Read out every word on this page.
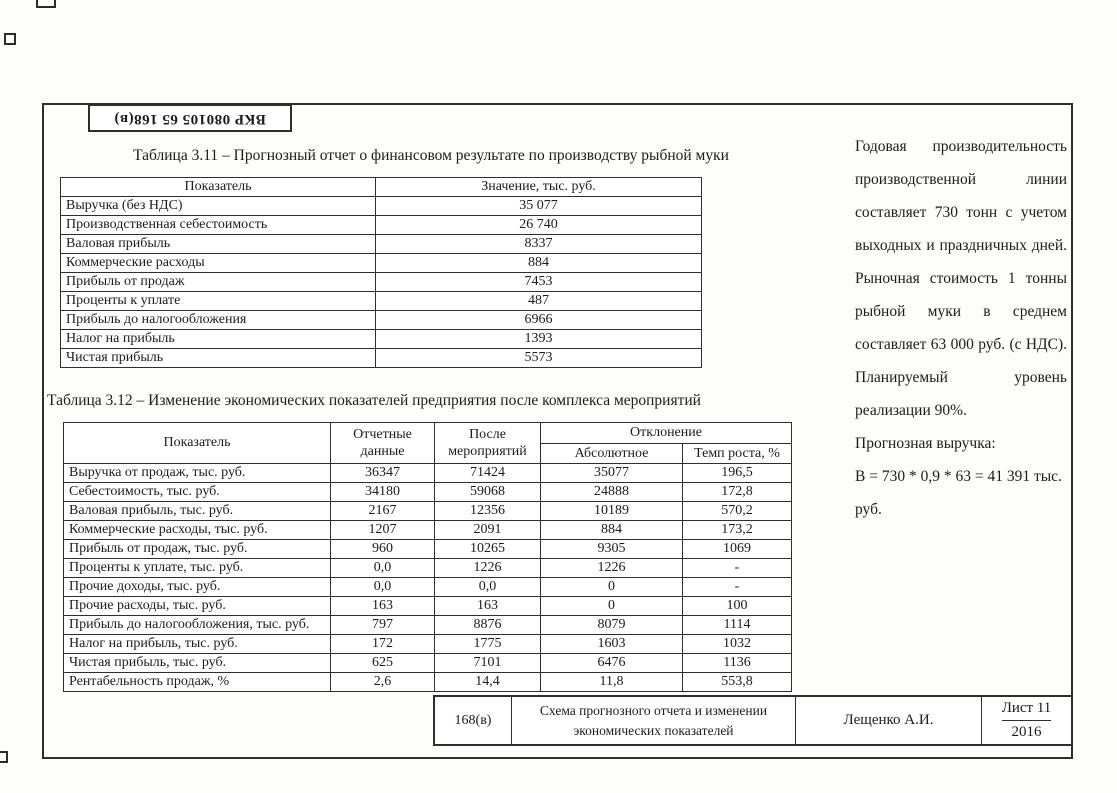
ВКР 080105 65 168(в)
Таблица 3.11 – Прогнозный отчет о финансовом результате по производству рыбной муки
Показатель	Значение, тыс. руб.
Выручка (без НДС)	35 077
Производственная себестоимость	26 740
Валовая прибыль	8337
Коммерческие расходы	884
Прибыль от продаж	7453
Проценты к уплате	487
Прибыль до налогообложения	6966
Налог на прибыль	1393
Чистая прибыль	5573
Таблица 3.12 – Изменение экономических показателей предприятия после комплекса мероприятий
Показатель	Отчетные данные	После мероприятий	Отклонение	
			Абсолютное	Темп роста, %
Выручка от продаж, тыс. руб.	36347	71424	35077	196,5
Себестоимость, тыс. руб.	34180	59068	24888	172,8
Валовая прибыль, тыс. руб.	2167	12356	10189	570,2
Коммерческие расходы, тыс. руб.	1207	2091	884	173,2
Прибыль от продаж, тыс. руб.	960	10265	9305	1069
Проценты к уплате, тыс. руб.	0,0	1226	1226	-
Прочие доходы, тыс. руб.	0,0	0,0	0	-
Прочие расходы, тыс. руб.	163	163	0	100
Прибыль до налогообложения, тыс. руб.	797	8876	8079	1114
Налог на прибыль, тыс. руб.	172	1775	1603	1032
Чистая прибыль, тыс. руб.	625	7101	6476	1136
Рентабельность продаж, %	2,6	14,4	11,8	553,8

Годовая производительность производственной линии составляет 730 тонн с учетом выходных и праздничных дней. Рыночная стоимость 1 тонны рыбной муки в среднем составляет 63 000 руб. (с НДС). Планируемый уровень реализации 90%.

Прогнозная выручка:

В = 730 * 0,9 * 63 = 41 391 тыс. руб.

168(в)
Схема прогнозного отчета и изменении экономических показателей
Лещенко А.И.
Лист 11
2016
